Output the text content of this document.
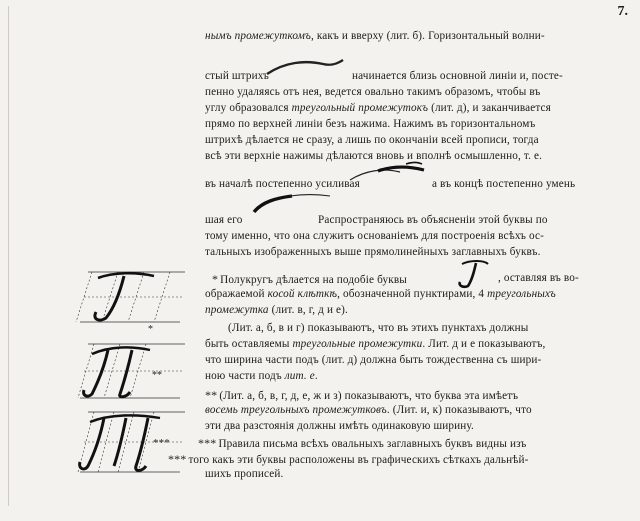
7.
нымъ промежуткомъ, какъ и вверху (лит. б). Горизонтальный волни-
стый штрихъ	начинается близь основной линіи и, посте-
пенно удаляясь отъ нея, ведется овально такимъ образомъ, чтобы въ
углу образовался треугольный промежутокъ (лит. д), и заканчивается
прямо по верхней линіи безъ нажима. Нажимъ въ горизонтальномъ
штрихѣ дѣлается не сразу, а лишь по окончаніи всей прописи, тогда
всѣ эти верхніе нажимы дѣлаются вновь и вполнѣ осмышленно, т. е.
въ началѣ постепенно усиливая	а въ концѣ постепенно умень
шая его	Распространяюсь въ объясненіи этой буквы по
тому именно, что она служитъ основаніемъ для построенія всѣхъ ос-
тальныхъ изображенныхъ выше прямолинейныхъ заглавныхъ буквъ.
* Полукругъ дѣлается на подобіе буквы	, оставляя въ во-
ображаемой косой клѣткѣ, обозначенной пунктирами, 4 треугольныхъ
промежутка (лит. в, г, д и е).
(Лит. а, б, в и г) показываютъ, что въ этихъ пунктахъ должны
быть оставляемы треугольные промежутки. Лит. д и е показываютъ,
что ширина части подъ (лит. д) должна быть тождественна съ шири-
ною части подъ лит. е.
** (Лит. а, б, в, г, д, е, ж и з) показываютъ, что буква эта имѣетъ
восемь треугольныхъ промежутковъ. (Лит. и, к) показываютъ, что
эти два разстоянія должны имѣть одинаковую ширину.
*** Правила письма всѣхъ овальныхъ заглавныхъ буквъ видны изъ
*** того какъ эти буквы расположены въ графическихъ сѣткахъ дальнѣй-
шихъ прописей.
*
**
***
